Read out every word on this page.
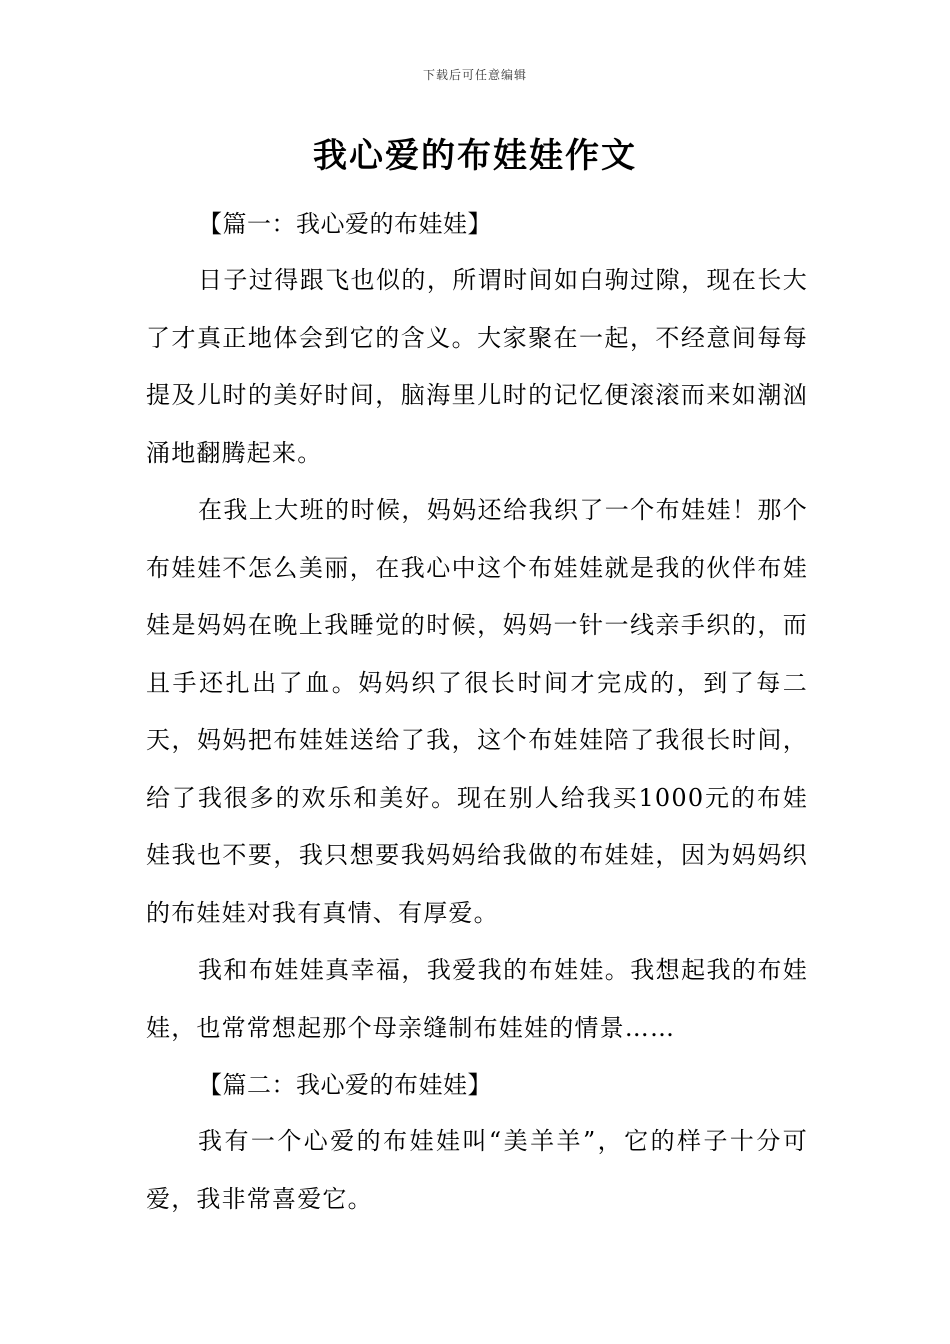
下载后可任意编辑
我心爱的布娃娃作文
【篇一：我心爱的布娃娃】

日子过得跟飞也似的，所谓时间如白驹过隙，现在长大了才真正地体会到它的含义。大家聚在一起，不经意间每每提及儿时的美好时间，脑海里儿时的记忆便滚滚而来如潮汹涌地翻腾起来。

在我上大班的时候，妈妈还给我织了一个布娃娃！那个布娃娃不怎么美丽，在我心中这个布娃娃就是我的伙伴布娃娃是妈妈在晚上我睡觉的时候，妈妈一针一线亲手织的，而且手还扎出了血。妈妈织了很长时间才完成的，到了每二天，妈妈把布娃娃送给了我，这个布娃娃陪了我很长时间，给了我很多的欢乐和美好。现在别人给我买1000元的布娃娃我也不要，我只想要我妈妈给我做的布娃娃，因为妈妈织的布娃娃对我有真情、有厚爱。

我和布娃娃真幸福，我爱我的布娃娃。我想起我的布娃娃，也常常想起那个母亲缝制布娃娃的情景……

【篇二：我心爱的布娃娃】

我有一个心爱的布娃娃叫“美羊羊”，它的样子十分可爱，我非常喜爱它。
